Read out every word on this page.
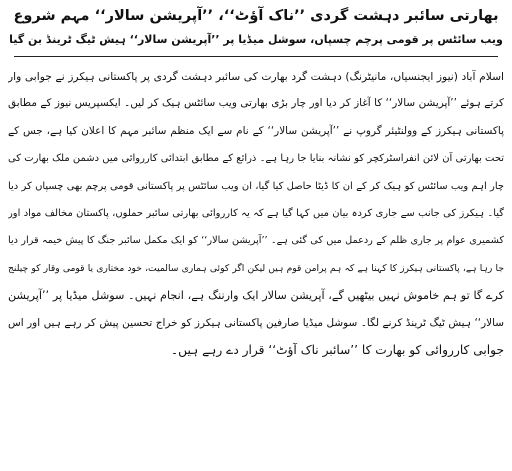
بھارتی سائبر دہشت گردی ’’ناک آؤٹ‘‘، ’’آپریشن سالار‘‘ مہم شروع
ویب سائٹس پر قومی پرچم چسپاں، سوشل میڈیا پر ’’آپریشن سالار‘‘ ہیش ٹیگ ٹرینڈ بن گیا
اسلام آباد (نیوز ایجنسیاں، مانیٹرنگ) دہشت گرد بھارت کی سائبر دہشت گردی پر پاکستانی ہیکرز نے جوابی وار
کرتے ہوئے ’’آپریشن سالار‘‘ کا آغاز کر دیا اور چار بڑی بھارتی ویب سائٹس ہیک کر لیں۔ ایکسپریس نیوز کے مطابق
پاکستانی ہیکرز کے وولنٹیئر گروپ نے ’’آپریشن سالار‘‘ کے نام سے ایک منظم سائبر مہم کا اعلان کیا ہے، جس کے
تحت بھارتی آن لائن انفراسٹرکچر کو نشانہ بنایا جا رہا ہے۔ ذرائع کے مطابق ابتدائی کارروائی میں دشمن ملک بھارت کی
چار اہم ویب سائٹس کو ہیک کر کے ان کا ڈیٹا حاصل کیا گیا، ان ویب سائٹس پر پاکستانی قومی پرچم بھی چسپاں کر دیا
گیا۔ ہیکرز کی جانب سے جاری کردہ بیان میں کہا گیا ہے کہ یہ کارروائی بھارتی سائبر حملوں، پاکستان مخالف مواد اور
کشمیری عوام پر جاری ظلم کے ردعمل میں کی گئی ہے۔ ’’آپریشن سالار‘‘ کو ایک مکمل سائبر جنگ کا پیش خیمہ قرار دیا
جا رہا ہے، پاکستانی ہیکرز کا کہنا ہے کہ ہم پرامن قوم ہیں لیکن اگر کوئی ہماری سالمیت، خود مختاری یا قومی وقار کو چیلنج
کرے گا تو ہم خاموش نہیں بیٹھیں گے، آپریشن سالار ایک وارننگ ہے، انجام نہیں۔ سوشل میڈیا پر ’’آپریشن
سالار‘‘ ہیش ٹیگ ٹرینڈ کرنے لگا۔ سوشل میڈیا صارفین پاکستانی ہیکرز کو خراج تحسین پیش کر رہے ہیں اور اس
جوابی کارروائی کو بھارت کا ’’سائبر ناک آؤٹ‘‘ قرار دے رہے ہیں۔
